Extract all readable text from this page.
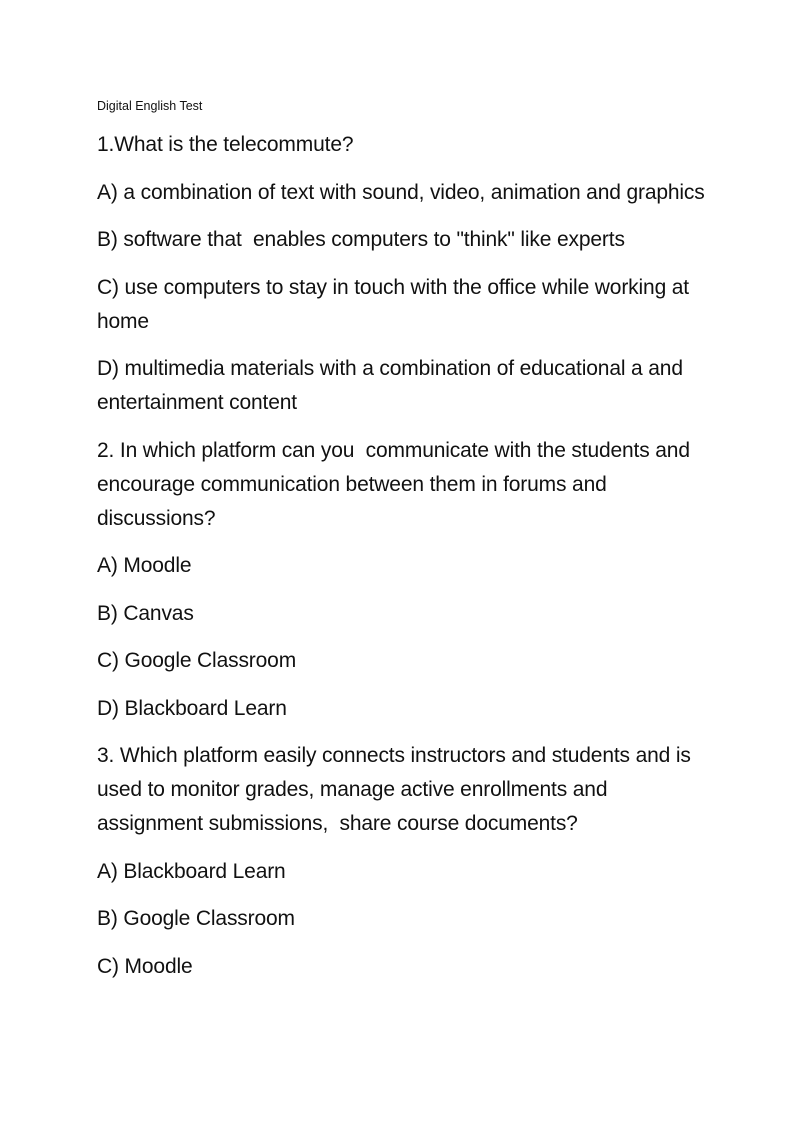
Digital English Test

1.What is the telecommute?

A) a combination of text with sound, video, animation and graphics

B) software that  enables computers to "think" like experts

C) use computers to stay in touch with the office while working at home

D) multimedia materials with a combination of educational a and entertainment content

2. In which platform can you  communicate with the students and encourage communication between them in forums and discussions?

A) Moodle

B) Canvas

C) Google Classroom

D) Blackboard Learn

3. Which platform easily connects instructors and students and is used to monitor grades, manage active enrollments and assignment submissions,  share course documents?

A) Blackboard Learn

B) Google Classroom

C) Moodle
